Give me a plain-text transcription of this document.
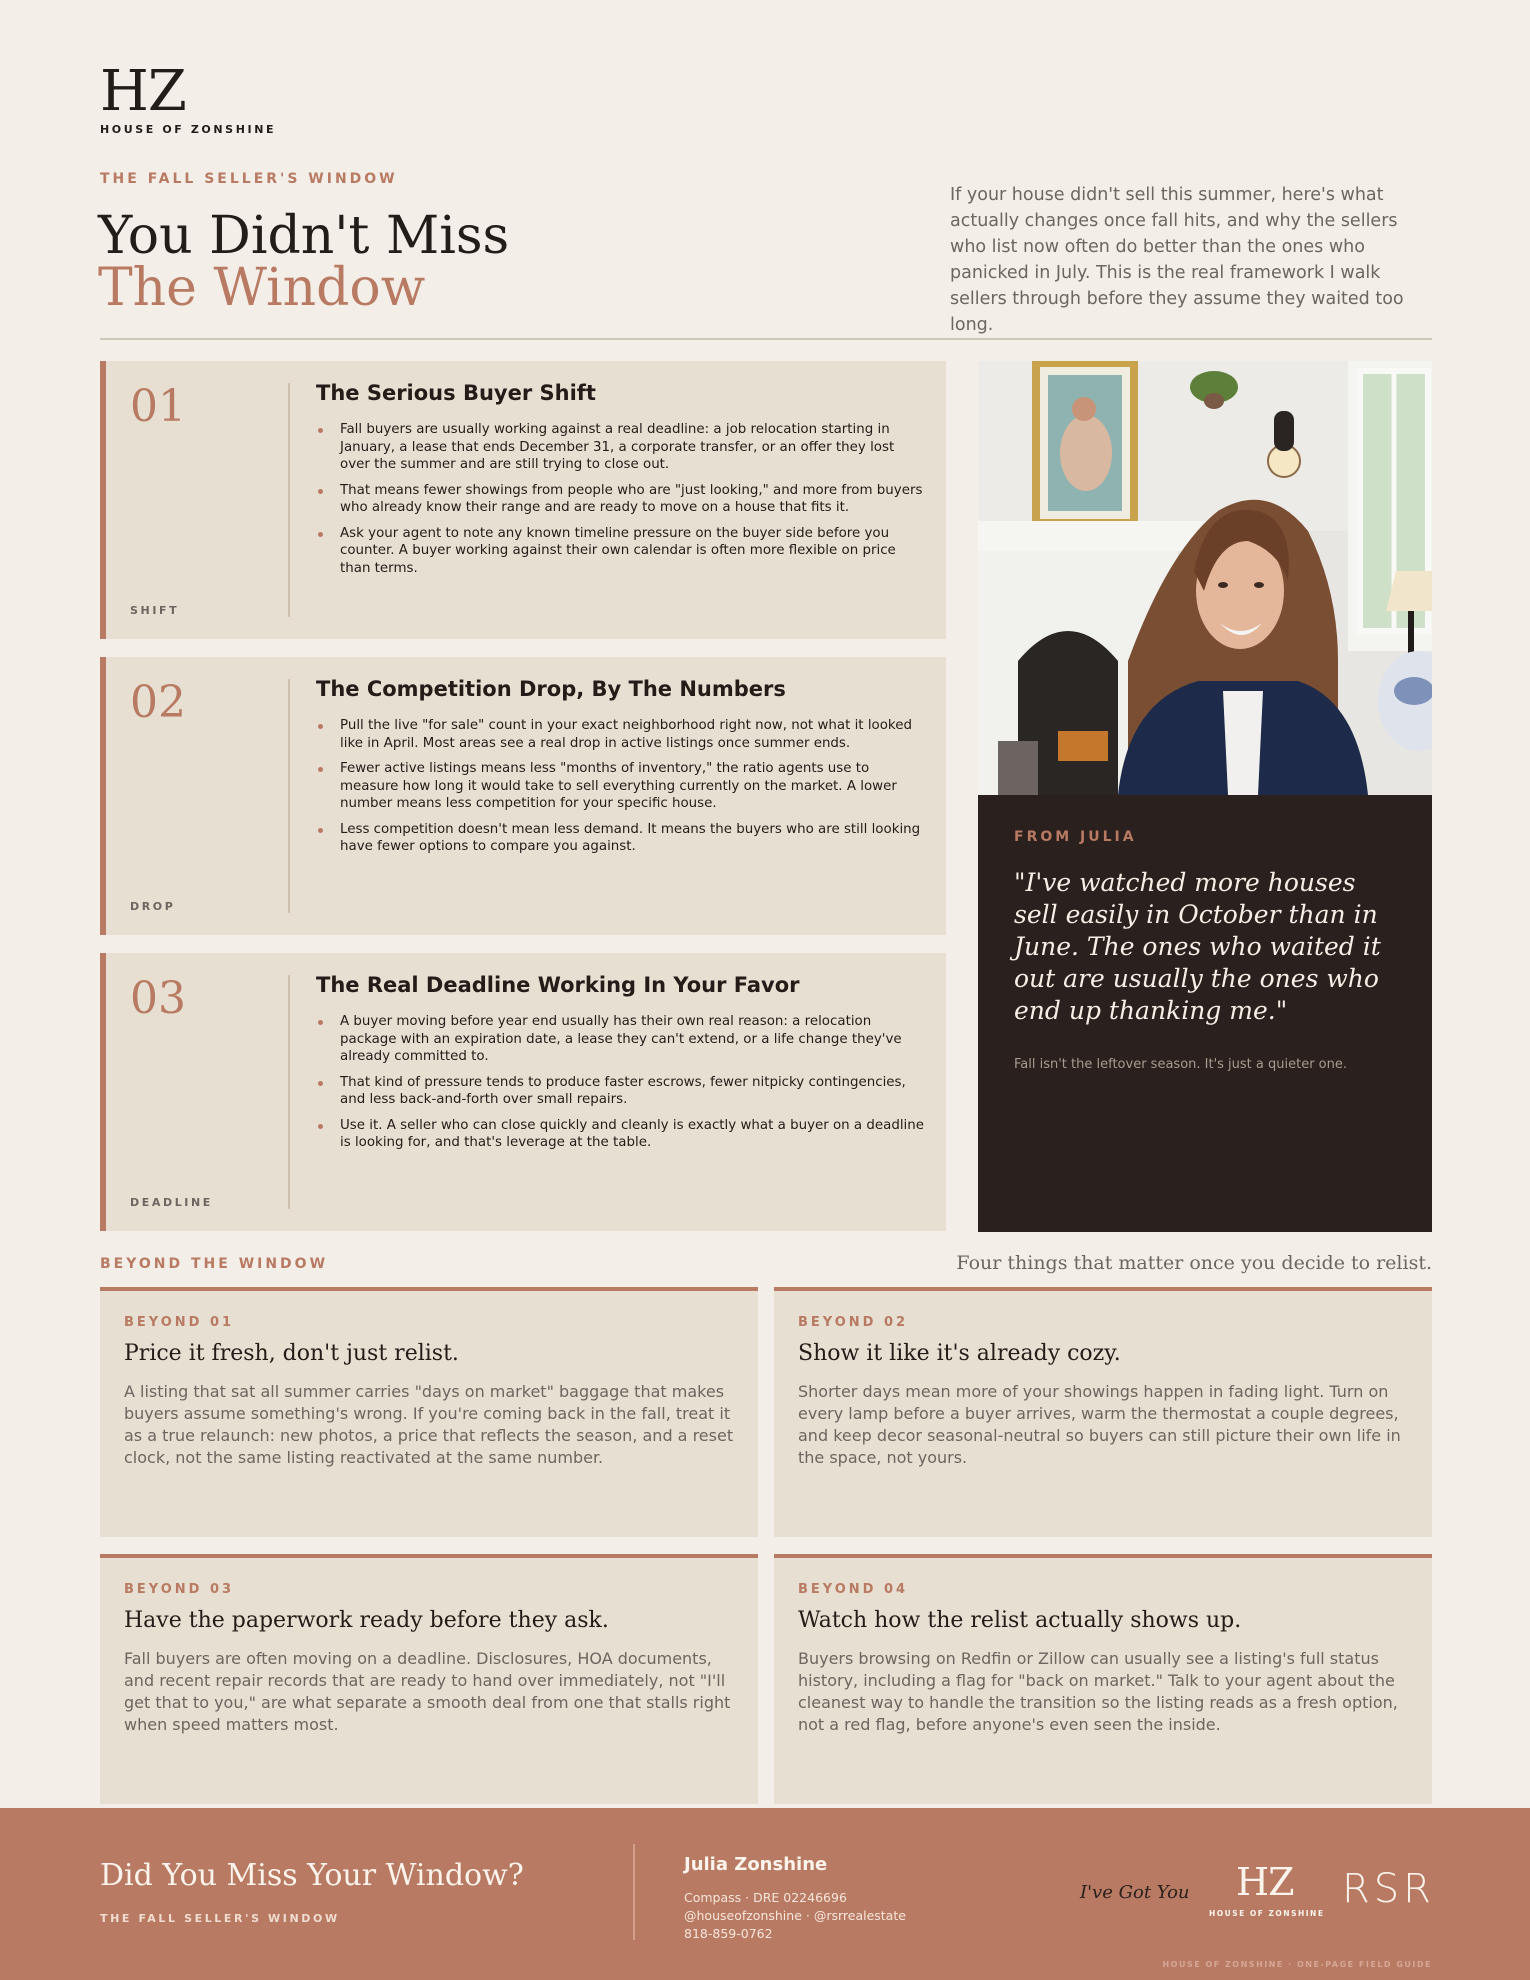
HZ
HOUSE OF ZONSHINE
THE FALL SELLER'S WINDOW
You Didn't Miss
The Window
If your house didn't sell this summer, here's what actually changes once fall hits, and why the sellers who list now often do better than the ones who panicked in July. This is the real framework I walk sellers through before they assume they waited too long.
01
SHIFT
The Serious Buyer Shift
Fall buyers are usually working against a real deadline: a job relocation starting in January, a lease that ends December 31, a corporate transfer, or an offer they lost over the summer and are still trying to close out.
That means fewer showings from people who are "just looking," and more from buyers who already know their range and are ready to move on a house that fits it.
Ask your agent to note any known timeline pressure on the buyer side before you counter. A buyer working against their own calendar is often more flexible on price than terms.
02
DROP
The Competition Drop, By The Numbers
Pull the live "for sale" count in your exact neighborhood right now, not what it looked like in April. Most areas see a real drop in active listings once summer ends.
Fewer active listings means less "months of inventory," the ratio agents use to measure how long it would take to sell everything currently on the market. A lower number means less competition for your specific house.
Less competition doesn't mean less demand. It means the buyers who are still looking have fewer options to compare you against.
03
DEADLINE
The Real Deadline Working In Your Favor
A buyer moving before year end usually has their own real reason: a relocation package with an expiration date, a lease they can't extend, or a life change they've already committed to.
That kind of pressure tends to produce faster escrows, fewer nitpicky contingencies, and less back-and-forth over small repairs.
Use it. A seller who can close quickly and cleanly is exactly what a buyer on a deadline is looking for, and that's leverage at the table.
FROM JULIA
"I've watched more houses sell easily in October than in June. The ones who waited it out are usually the ones who end up thanking me."
Fall isn't the leftover season. It's just a quieter one.
BEYOND THE WINDOW	Four things that matter once you decide to relist.
BEYOND 01
Price it fresh, don't just relist.
A listing that sat all summer carries "days on market" baggage that makes buyers assume something's wrong. If you're coming back in the fall, treat it as a true relaunch: new photos, a price that reflects the season, and a reset clock, not the same listing reactivated at the same number.
BEYOND 02
Show it like it's already cozy.
Shorter days mean more of your showings happen in fading light. Turn on every lamp before a buyer arrives, warm the thermostat a couple degrees, and keep decor seasonal-neutral so buyers can still picture their own life in the space, not yours.
BEYOND 03
Have the paperwork ready before they ask.
Fall buyers are often moving on a deadline. Disclosures, HOA documents, and recent repair records that are ready to hand over immediately, not "I'll get that to you," are what separate a smooth deal from one that stalls right when speed matters most.
BEYOND 04
Watch how the relist actually shows up.
Buyers browsing on Redfin or Zillow can usually see a listing's full status history, including a flag for "back on market." Talk to your agent about the cleanest way to handle the transition so the listing reads as a fresh option, not a red flag, before anyone's even seen the inside.
Did You Miss Your Window?
THE FALL SELLER'S WINDOW
Julia Zonshine
Compass · DRE 02246696
@houseofzonshine · @rsrrealestate
818-859-0762
I've Got You HZ
HOUSE OF ZONSHINE
RSR
HOUSE OF ZONSHINE · ONE-PAGE FIELD GUIDE
